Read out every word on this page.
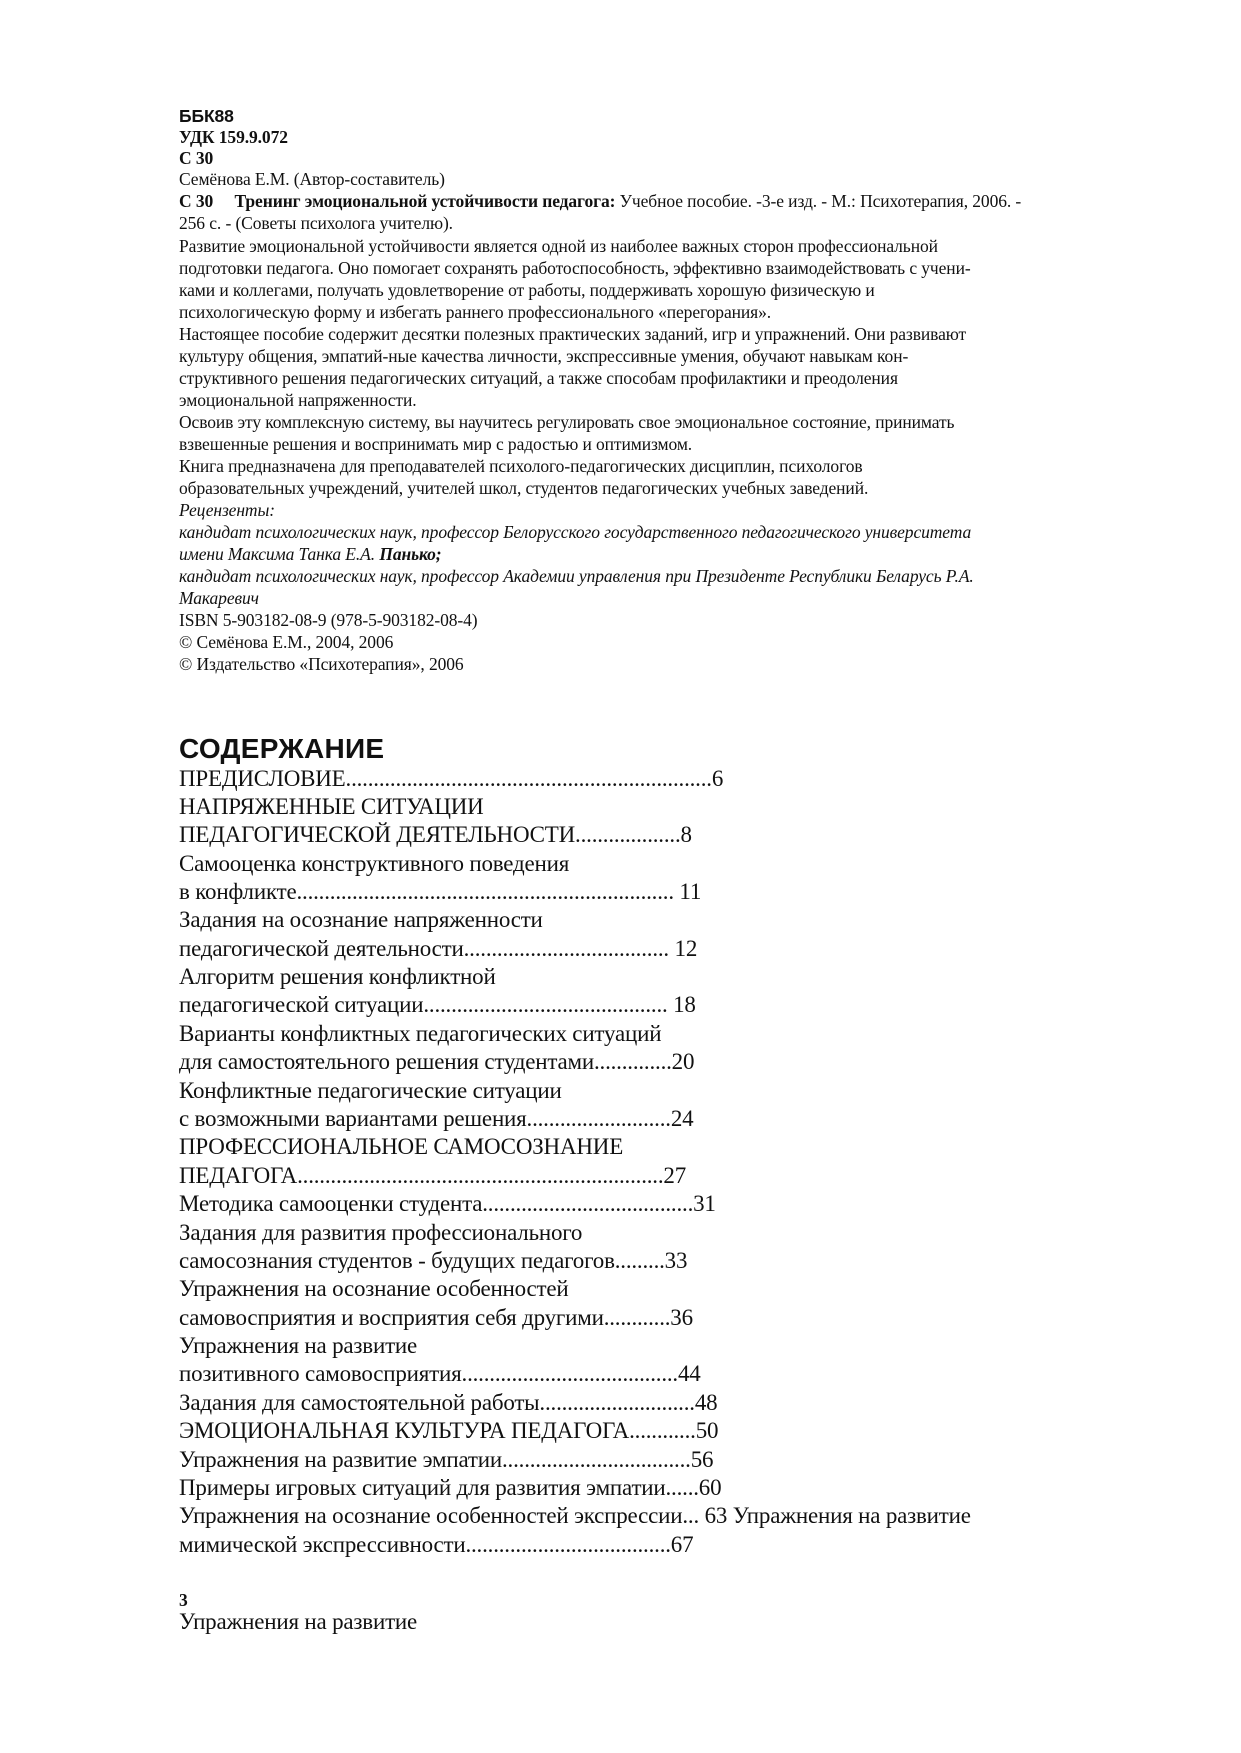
ББК88
УДК 159.9.072
С 30
Семёнова Е.М. (Автор-составитель)
С 30 Тренинг эмоциональной устойчивости педагога: Учебное пособие. -3-е изд. - М.: Психотерапия, 2006. -
256 с. - (Советы психолога учителю).
Развитие эмоциональной устойчивости является одной из наиболее важных сторон профессиональной
подготовки педагога. Оно помогает сохранять работоспособность, эффективно взаимодействовать с учени-
ками и коллегами, получать удовлетворение от работы, поддерживать хорошую физическую и
психологическую форму и избегать раннего профессионального «перегорания».
Настоящее пособие содержит десятки полезных практических заданий, игр и упражнений. Они развивают
культуру общения, эмпатий-ные качества личности, экспрессивные умения, обучают навыкам кон-
структивного решения педагогических ситуаций, а также способам профилактики и преодоления
эмоциональной напряженности.
Освоив эту комплексную систему, вы научитесь регулировать свое эмоциональное состояние, принимать
взвешенные решения и воспринимать мир с радостью и оптимизмом.
Книга предназначена для преподавателей психолого-педагогических дисциплин, психологов
образовательных учреждений, учителей школ, студентов педагогических учебных заведений.
Рецензенты:
кандидат психологических наук, профессор Белорусского государственного педагогического университета
имени Максима Танка Е.А. Панько;
кандидат психологических наук, профессор Академии управления при Президенте Республики Беларусь Р.А.
Макаревич
ISBN 5-903182-08-9 (978-5-903182-08-4)
© Семёнова Е.М., 2004, 2006
© Издательство «Психотерапия», 2006
СОДЕРЖАНИЕ
ПРЕДИСЛОВИЕ..................................................................6
НАПРЯЖЕННЫЕ СИТУАЦИИ
ПЕДАГОГИЧЕСКОЙ ДЕЯТЕЛЬНОСТИ...................8
Самооценка конструктивного поведения
в конфликте.................................................................... 11
Задания на осознание напряженности
педагогической деятельности..................................... 12
Алгоритм решения конфликтной
педагогической ситуации............................................ 18
Варианты конфликтных педагогических ситуаций
для самостоятельного решения студентами..............20
Конфликтные педагогические ситуации
с возможными вариантами решения..........................24
ПРОФЕССИОНАЛЬНОЕ САМОСОЗНАНИЕ
ПЕДАГОГА..................................................................27
Методика самооценки студента......................................31
Задания для развития профессионального
самосознания студентов - будущих педагогов.........33
Упражнения на осознание особенностей
самовосприятия и восприятия себя другими............36
Упражнения на развитие
позитивного самовосприятия.......................................44
Задания для самостоятельной работы............................48
ЭМОЦИОНАЛЬНАЯ КУЛЬТУРА ПЕДАГОГА............50
Упражнения на развитие эмпатии..................................56
Примеры игровых ситуаций для развития эмпатии......60
Упражнения на осознание особенностей экспрессии... 63 Упражнения на развитие
мимической экспрессивности.....................................67
3
Упражнения на развитие
